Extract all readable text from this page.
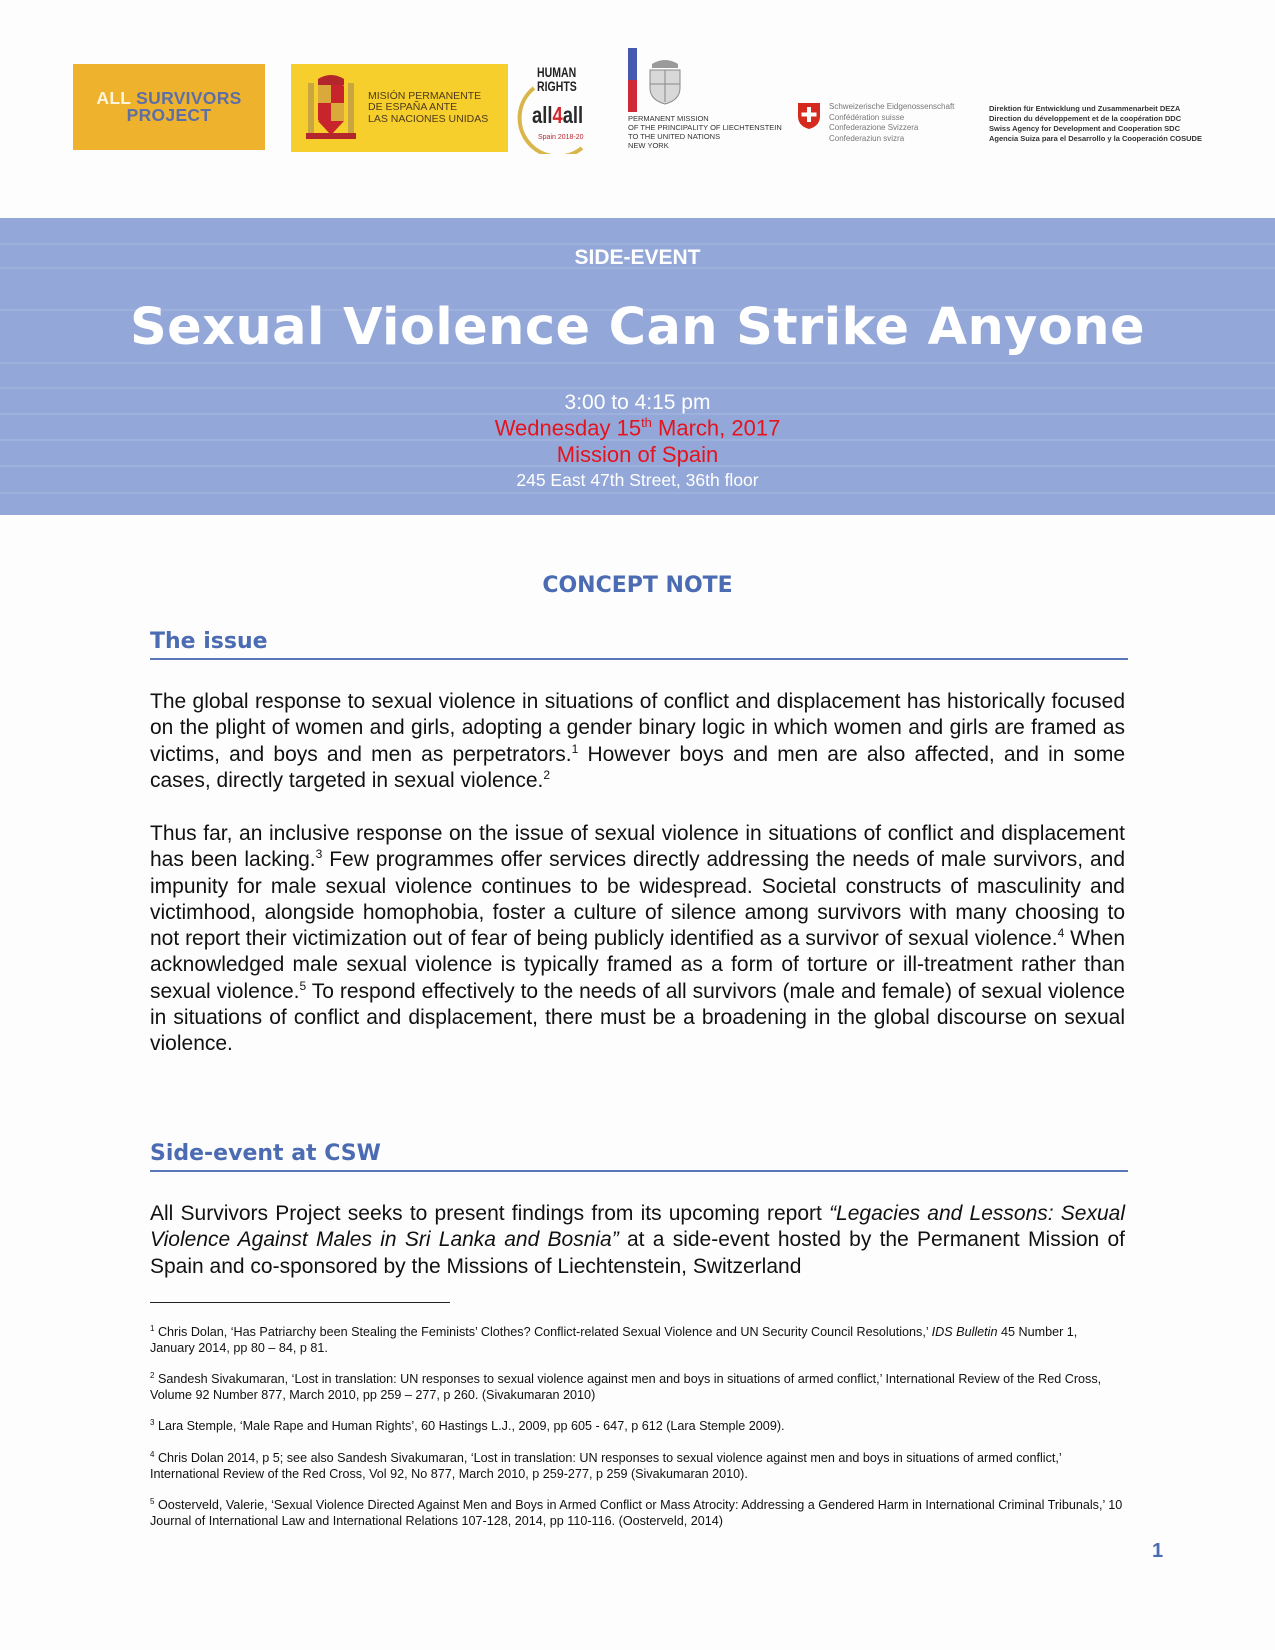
ALL SURVIVORS
PROJECT
MISIÓN PERMANENTE
DE ESPAÑA ANTE
LAS NACIONES UNIDAS
HUMAN
RIGHTS
all4all
Spain 2018-20
PERMANENT MISSION
OF THE PRINCIPALITY OF LIECHTENSTEIN
TO THE UNITED NATIONS
NEW YORK
Schweizerische Eidgenossenschaft
Confédération suisse
Confederazione Svizzera
Confederaziun svizra
Direktion für Entwicklung und Zusammenarbeit DEZA
Direction du développement et de la coopération DDC
Swiss Agency for Development and Cooperation SDC
Agencia Suiza para el Desarrollo y la Cooperación COSUDE
SIDE-EVENT
Sexual Violence Can Strike Anyone
3:00 to 4:15 pm
Wednesday 15th March, 2017
Mission of Spain
245 East 47th Street, 36th floor
CONCEPT NOTE
The issue

The global response to sexual violence in situations of conflict and displacement has historically focused on the plight of women and girls, adopting a gender binary logic in which women and girls are framed as victims, and boys and men as perpetrators.$^1$ However boys and men are also affected, and in some cases, directly targeted in sexual violence.$^2$

Thus far, an inclusive response on the issue of sexual violence in situations of conflict and displacement has been lacking.$^3$ Few programmes offer services directly addressing the needs of male survivors, and impunity for male sexual violence continues to be widespread. Societal constructs of masculinity and victimhood, alongside homophobia, foster a culture of silence among survivors with many choosing to not report their victimization out of fear of being publicly identified as a survivor of sexual violence.$^4$ When acknowledged male sexual violence is typically framed as a form of torture or ill-treatment rather than sexual violence.$^5$ To respond effectively to the needs of all survivors (male and female) of sexual violence in situations of conflict and displacement, there must be a broadening in the global discourse on sexual violence.

Side-event at CSW

All Survivors Project seeks to present findings from its upcoming report “Legacies and Lessons: Sexual Violence Against Males in Sri Lanka and Bosnia” at a side-event hosted by the Permanent Mission of Spain and co-sponsored by the Missions of Liechtenstein, Switzerland

$^1$ Chris Dolan, ‘Has Patriarchy been Stealing the Feminists’ Clothes? Conflict-related Sexual Violence and UN Security Council Resolutions,’ IDS Bulletin 45 Number 1, January 2014, pp 80 – 84, p 81.

$^2$ Sandesh Sivakumaran, ‘Lost in translation: UN responses to sexual violence against men and boys in situations of armed conflict,’ International Review of the Red Cross, Volume 92 Number 877, March 2010, pp 259 – 277, p 260. (Sivakumaran 2010)

$^3$ Lara Stemple, ‘Male Rape and Human Rights’, 60 Hastings L.J., 2009, pp 605 - 647, p 612 (Lara Stemple 2009).

$^4$ Chris Dolan 2014, p 5; see also Sandesh Sivakumaran, ‘Lost in translation: UN responses to sexual violence against men and boys in situations of armed conflict,’ International Review of the Red Cross, Vol 92, No 877, March 2010, p 259-277, p 259 (Sivakumaran 2010).

$^5$ Oosterveld, Valerie, ‘Sexual Violence Directed Against Men and Boys in Armed Conflict or Mass Atrocity: Addressing a Gendered Harm in International Criminal Tribunals,’ 10 Journal of International Law and International Relations 107-128, 2014, pp 110-116. (Oosterveld, 2014)

1
